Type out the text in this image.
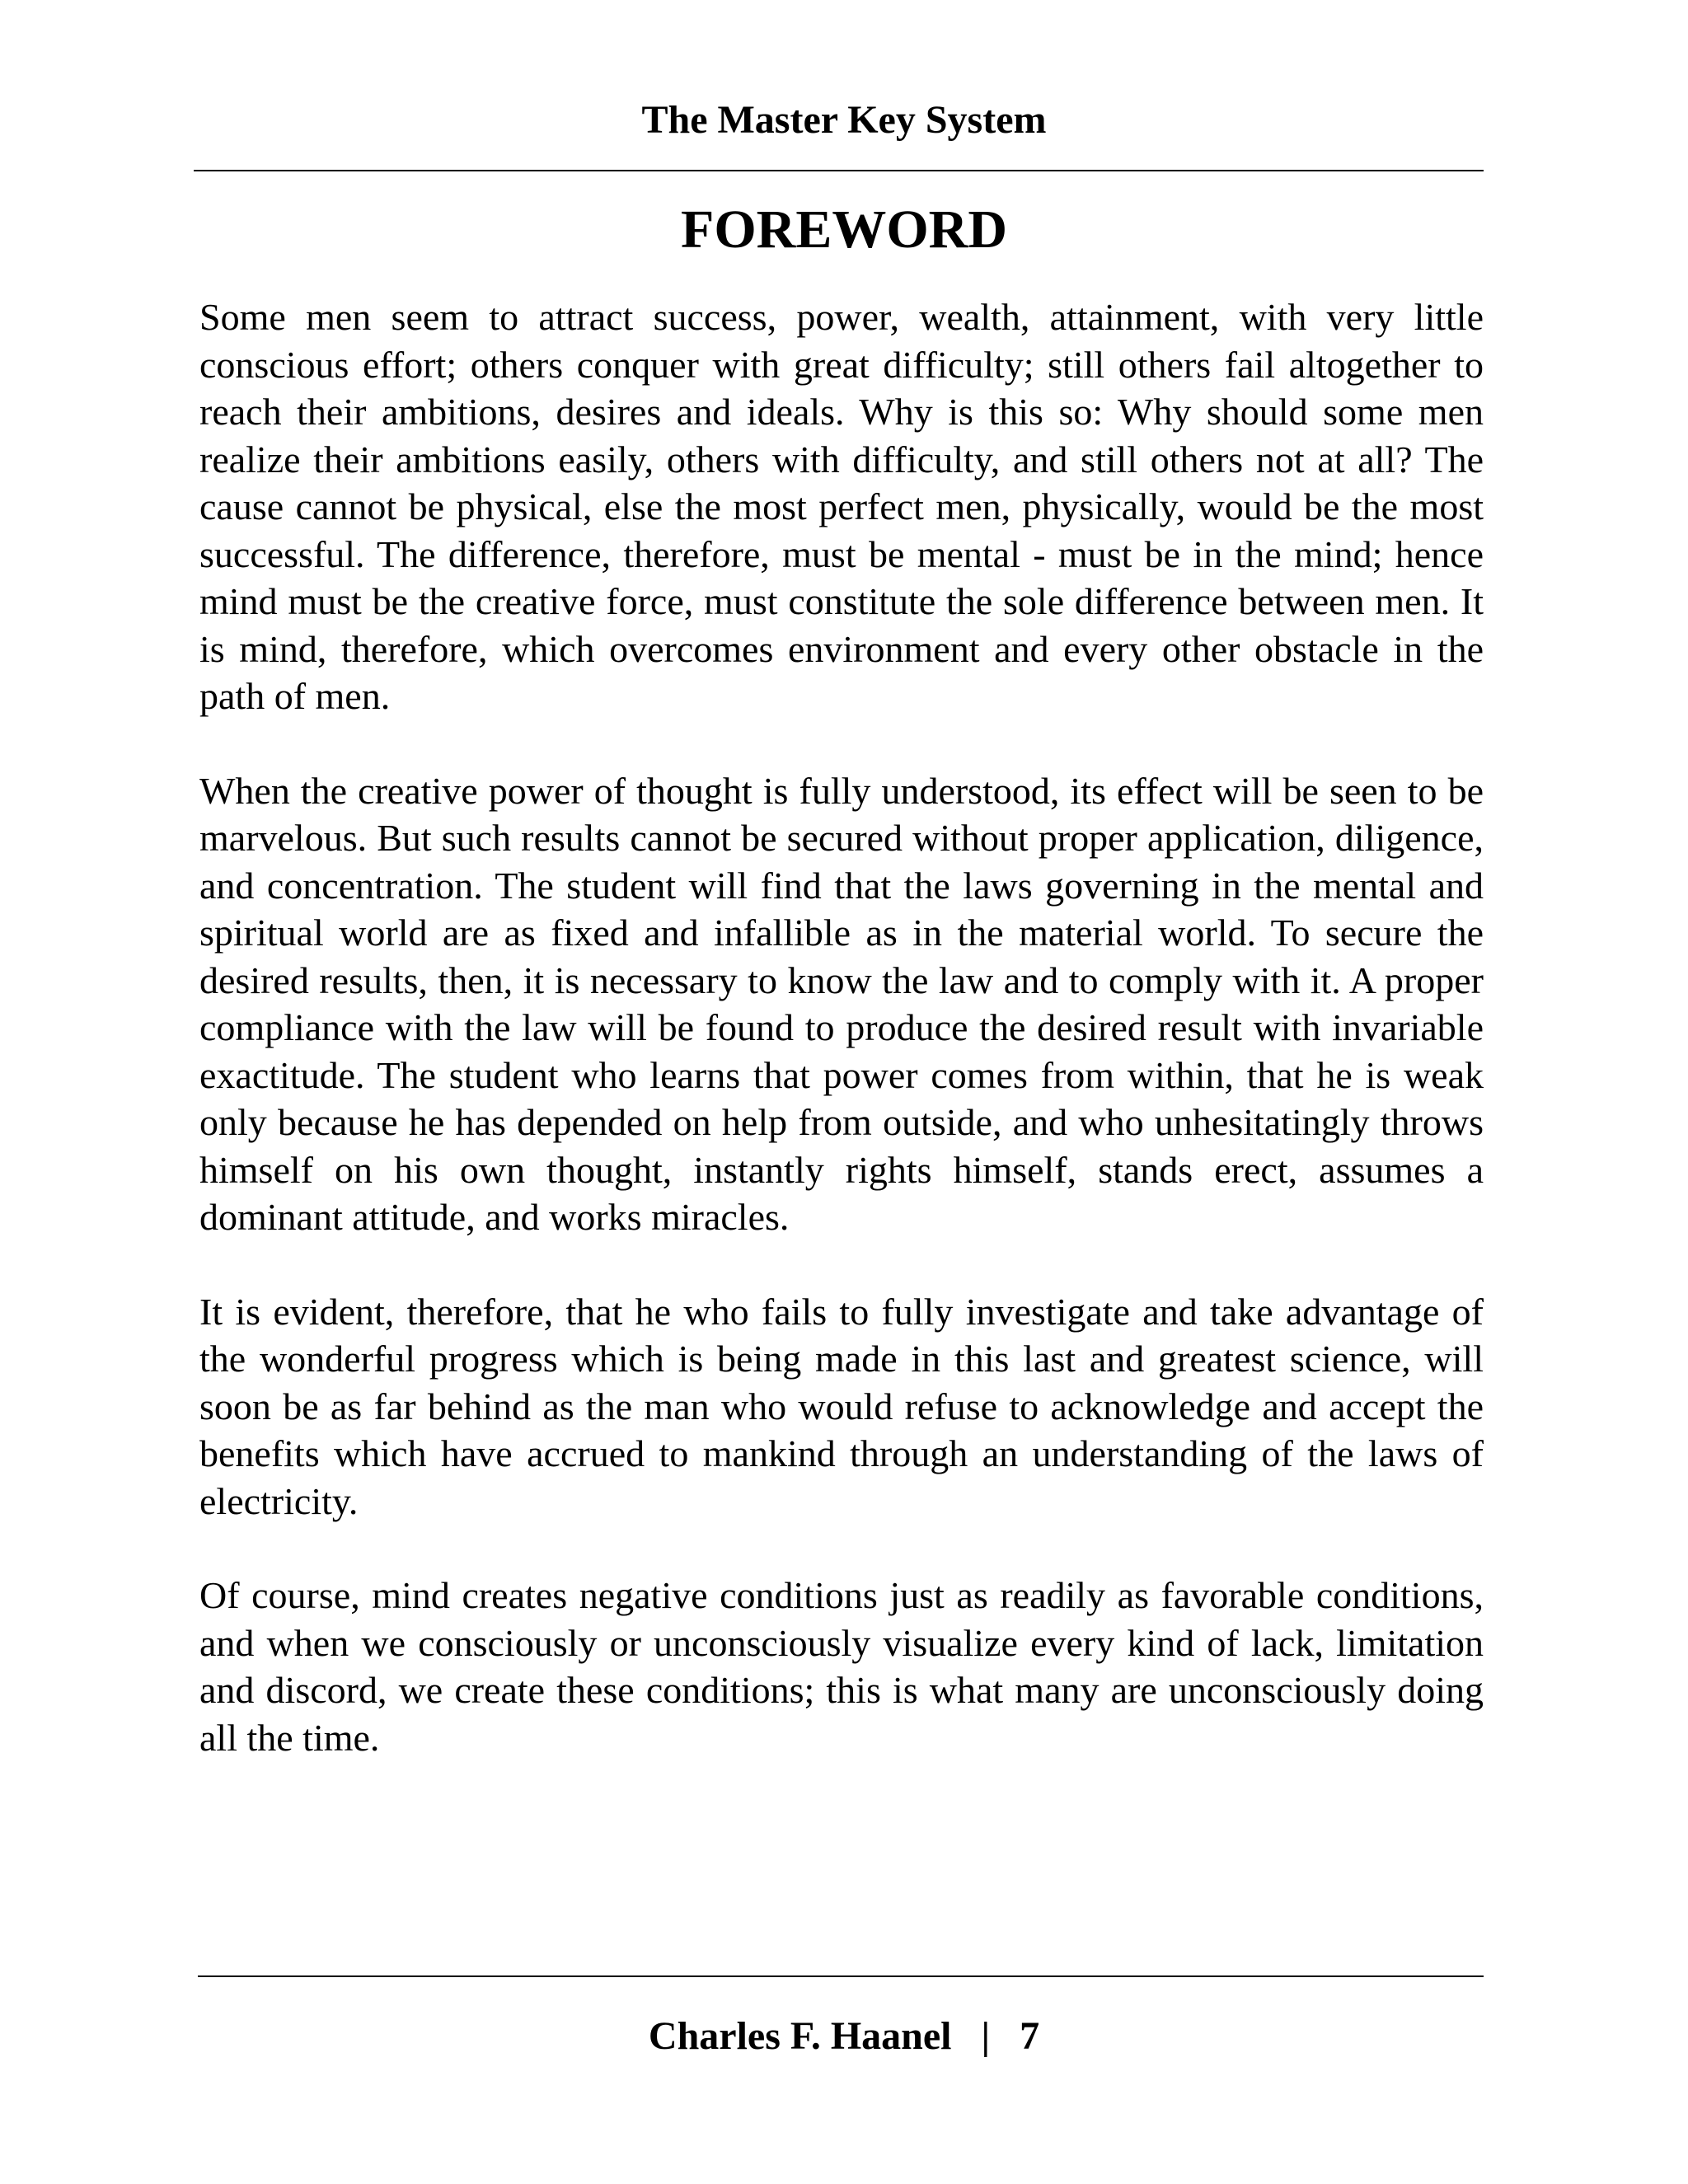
The Master Key System
FOREWORD

Some men seem to attract success, power, wealth, attainment, with very little conscious effort; others conquer with great difficulty; still others fail altogether to reach their ambitions, desires and ideals. Why is this so: Why should some men realize their ambitions easily, others with difficulty, and still others not at all? The cause cannot be physical, else the most perfect men, physically, would be the most successful. The difference, therefore, must be mental - must be in the mind; hence mind must be the creative force, must constitute the sole difference between men. It is mind, therefore, which overcomes environment and every other obstacle in the path of men.

When the creative power of thought is fully understood, its effect will be seen to be marvelous. But such results cannot be secured without proper application, diligence, and concentration. The student will find that the laws governing in the mental and spiritual world are as fixed and infallible as in the material world. To secure the desired results, then, it is necessary to know the law and to comply with it. A proper compliance with the law will be found to produce the desired result with invariable exactitude. The student who learns that power comes from within, that he is weak only because he has depended on help from outside, and who unhesitatingly throws himself on his own thought, instantly rights himself, stands erect, assumes a dominant attitude, and works miracles.

It is evident, therefore, that he who fails to fully investigate and take advantage of the wonderful progress which is being made in this last and greatest science, will soon be as far behind as the man who would refuse to acknowledge and accept the benefits which have accrued to mankind through an understanding of the laws of electricity.

Of course, mind creates negative conditions just as readily as favorable conditions, and when we consciously or unconsciously visualize every kind of lack, limitation and discord, we create these conditions; this is what many are unconsciously doing all the time.

Charles F. Haanel | 7
